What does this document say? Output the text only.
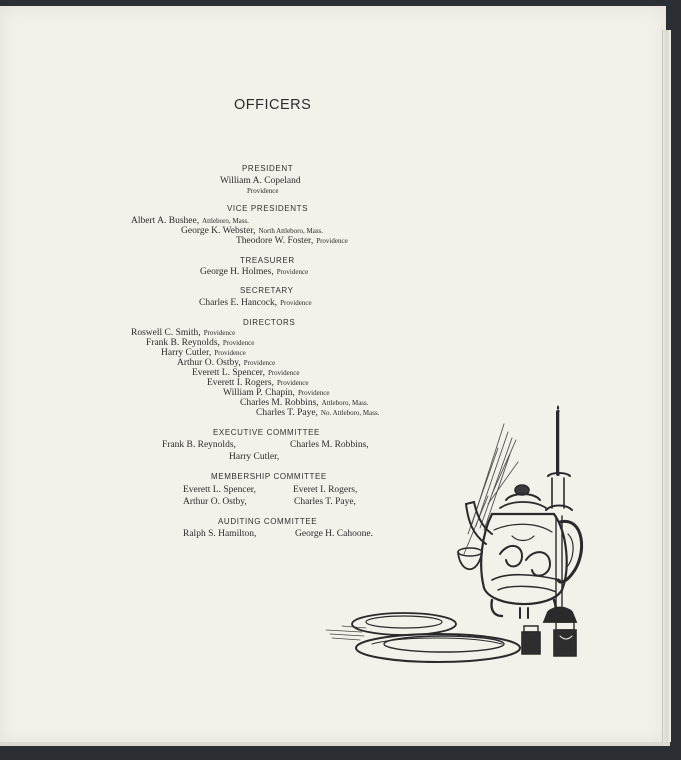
OFFICERS
PRESIDENT
William A. Copeland
Providence
VICE PRESIDENTS
Albert A. Bushee, Attleboro, Mass.
George K. Webster, North Attleboro, Mass.
Theodore W. Foster, Providence
TREASURER
George H. Holmes, Providence
SECRETARY
Charles E. Hancock, Providence
DIRECTORS
Roswell C. Smith, Providence
Frank B. Reynolds, Providence
Harry Cutler, Providence
Arthur O. Ostby, Providence
Everett L. Spencer, Providence
Everett I. Rogers, Providence
William P. Chapin, Providence
Charles M. Robbins, Attleboro, Mass.
Charles T. Paye, No. Attleboro, Mass.
EXECUTIVE COMMITTEE
Frank B. Reynolds,	Charles M. Robbins,
Harry Cutler,
MEMBERSHIP COMMITTEE
Everett L. Spencer,	Everet I. Rogers,
Arthur O. Ostby,	Charles T. Paye,
AUDITING COMMITTEE
Ralph S. Hamilton,	George H. Cahoone.
